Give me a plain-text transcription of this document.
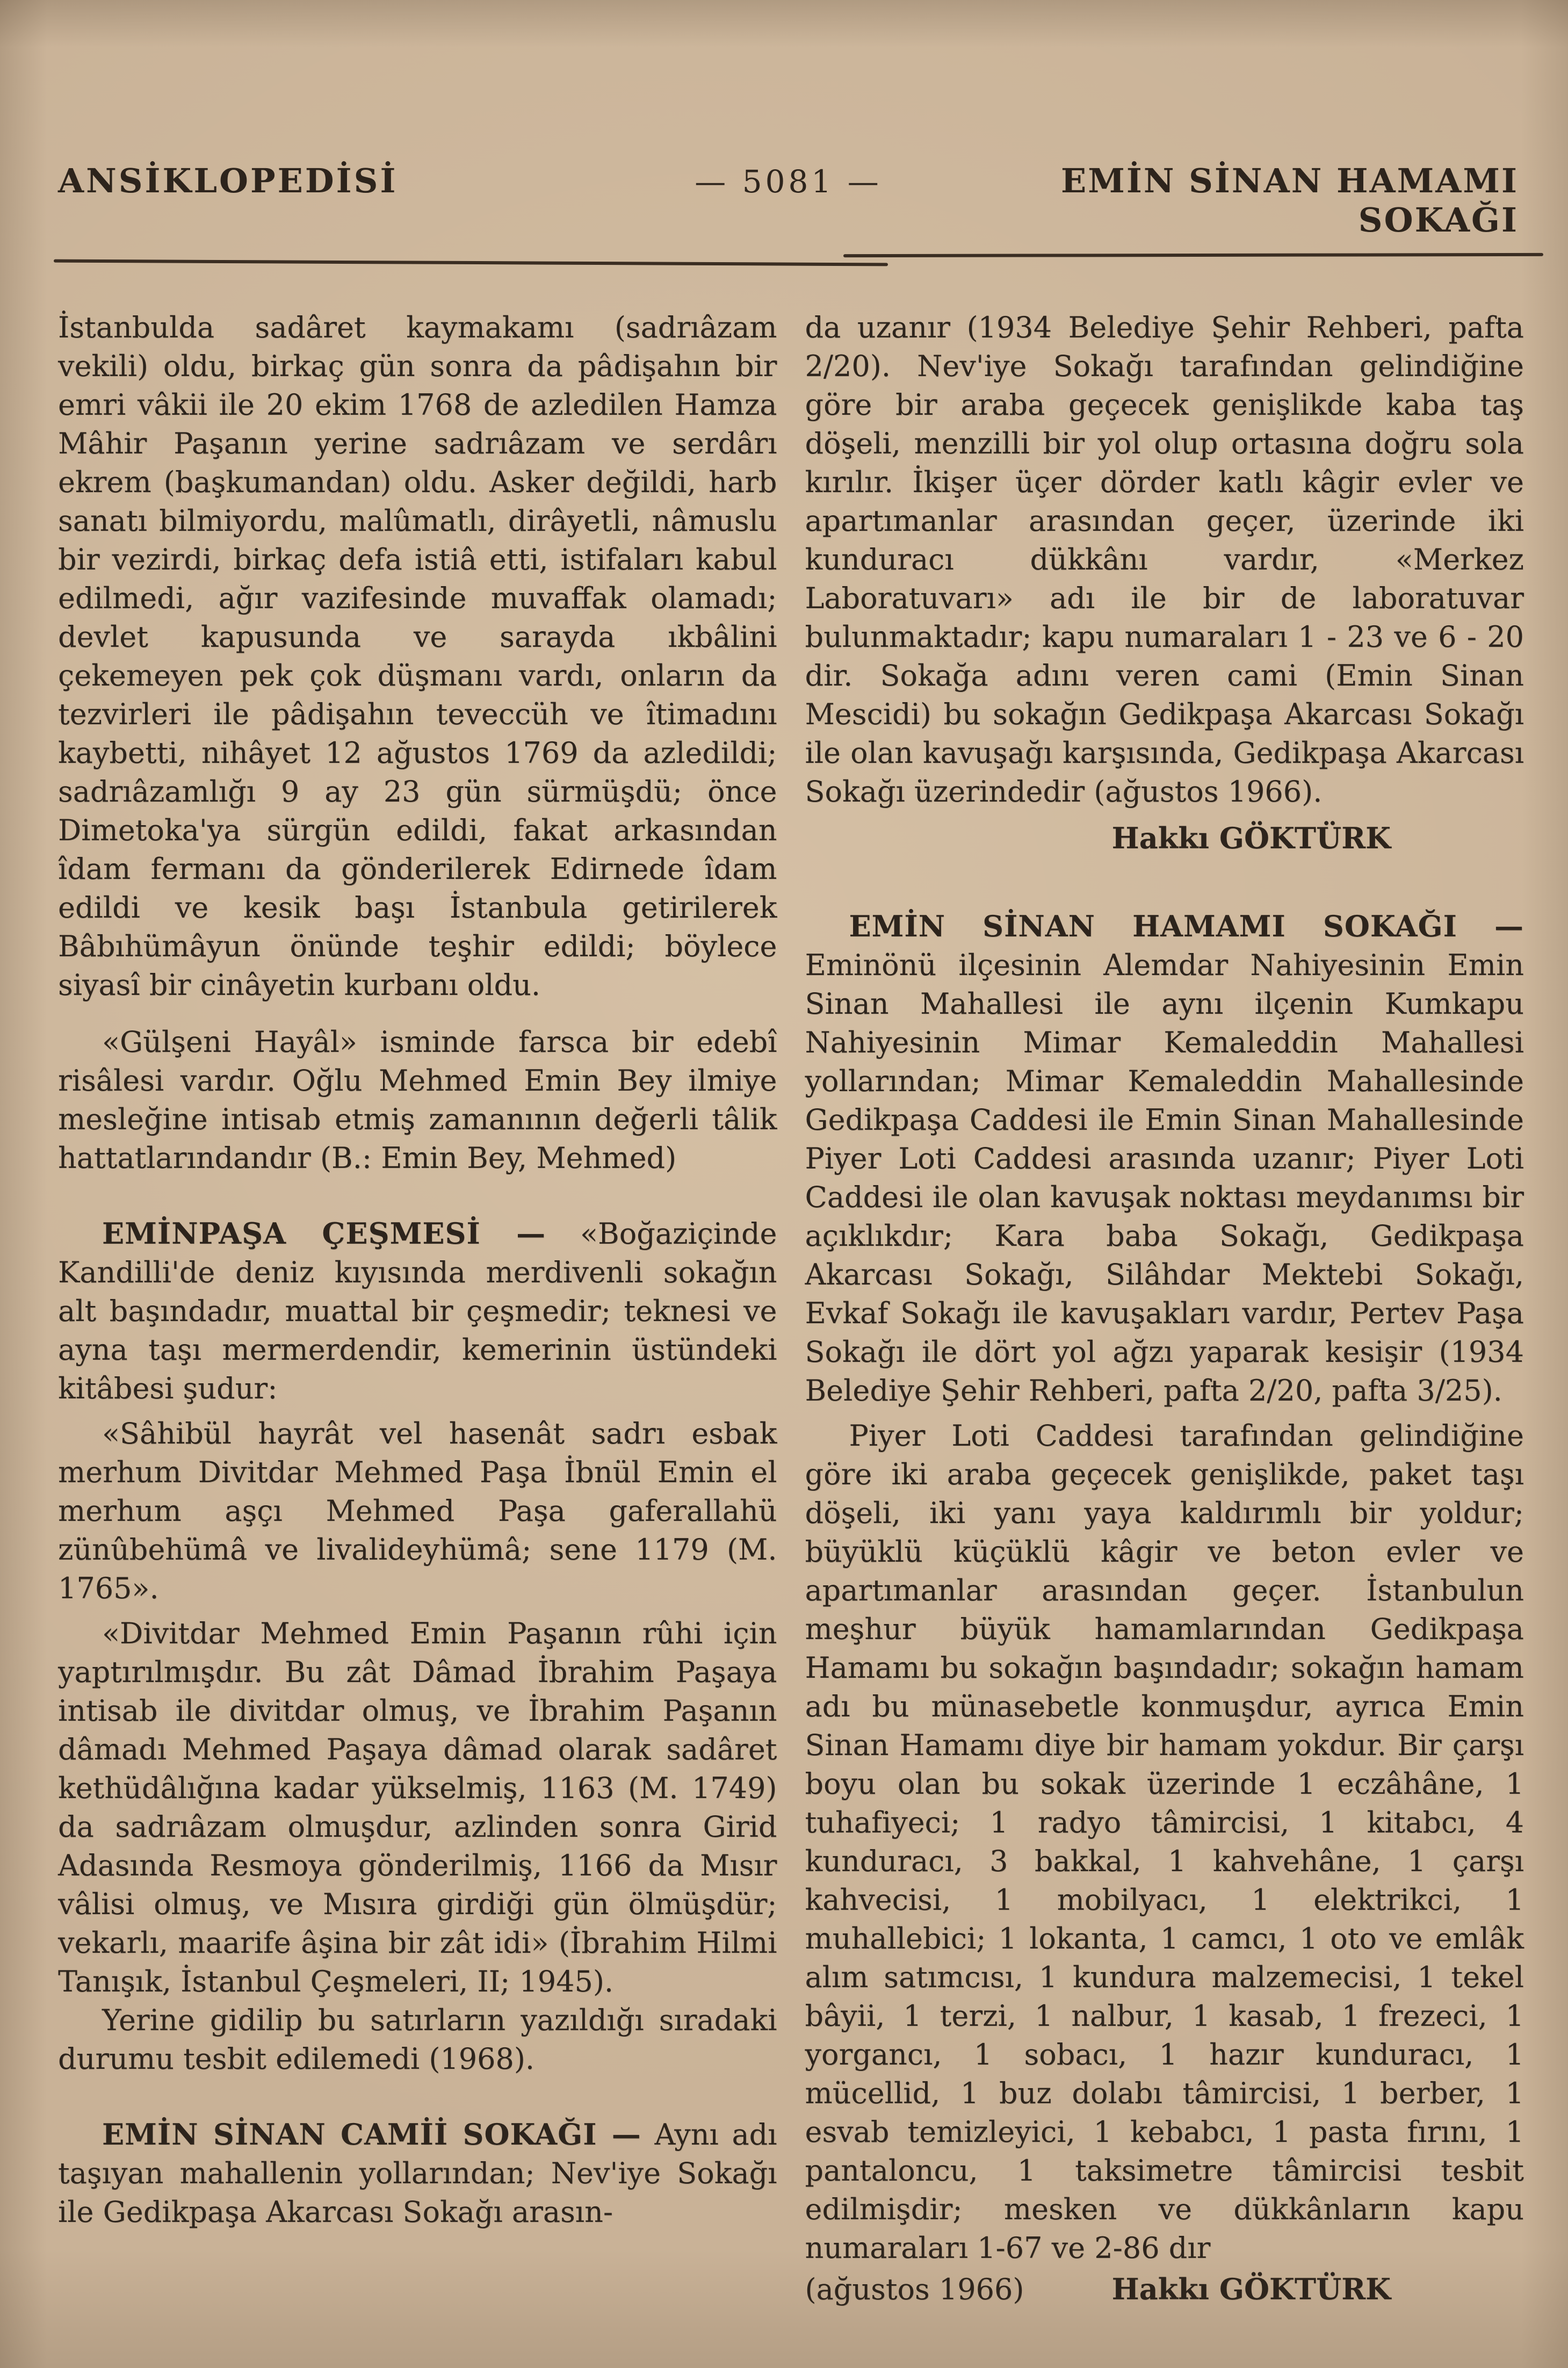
ANSİKLOPEDİSİ	— 5081 —	EMİN SİNAN HAMAMI SOKAĞI

İstanbulda sadâret kaymakamı (sadrıâzam vekili) oldu, birkaç gün sonra da pâdişahın bir emri vâkii ile 20 ekim 1768 de azledilen Hamza Mâhir Paşanın yerine sadrıâzam ve serdârı ekrem (başkumandan) oldu. Asker değildi, harb sanatı bilmiyordu, malûmatlı, dirâyetli, nâmuslu bir vezirdi, birkaç defa istiâ etti, istifaları kabul edilmedi, ağır vazifesinde muvaffak olamadı; devlet kapusunda ve sarayda ıkbâlini çekemeyen pek çok düşmanı vardı, onların da tezvirleri ile pâdişahın teveccüh ve îtimadını kaybetti, nihâyet 12 ağustos 1769 da azledildi; sadrıâzamlığı 9 ay 23 gün sürmüşdü; önce Dimetoka'ya sürgün edildi, fakat arkasından îdam fermanı da gönderilerek Edirnede îdam edildi ve kesik başı İstanbula getirilerek Bâbıhümâyun önünde teşhir edildi; böylece siyasî bir cinâyetin kurbanı oldu.

«Gülşeni Hayâl» isminde farsca bir edebî risâlesi vardır. Oğlu Mehmed Emin Bey ilmiye mesleğine intisab etmiş zamanının değerli tâlik hattatlarındandır (B.: Emin Bey, Mehmed)

EMİNPAŞA ÇEŞMESİ — «Boğaziçinde Kandilli'de deniz kıyısında merdivenli sokağın alt başındadır, muattal bir çeşmedir; teknesi ve ayna taşı mermerdendir, kemerinin üstündeki kitâbesi şudur:

«Sâhibül hayrât vel hasenât sadrı esbak merhum Divitdar Mehmed Paşa İbnül Emin el merhum aşçı Mehmed Paşa gaferallahü zünûbehümâ ve livalideyhümâ; sene 1179 (M. 1765».

«Divitdar Mehmed Emin Paşanın rûhi için yaptırılmışdır. Bu zât Dâmad İbrahim Paşaya intisab ile divitdar olmuş, ve İbrahim Paşanın dâmadı Mehmed Paşaya dâmad olarak sadâret kethüdâlığına kadar yükselmiş, 1163 (M. 1749) da sadrıâzam olmuşdur, azlinden sonra Girid Adasında Resmoya gönderilmiş, 1166 da Mısır vâlisi olmuş, ve Mısıra girdiği gün ölmüşdür; vekarlı, maarife âşina bir zât idi» (İbrahim Hilmi Tanışık, İstanbul Çeşmeleri, II; 1945).

Yerine gidilip bu satırların yazıldığı sıradaki durumu tesbit edilemedi (1968).

EMİN SİNAN CAMİİ SOKAĞI — Aynı adı taşıyan mahallenin yollarından; Nev'iye Sokağı ile Gedikpaşa Akarcası Sokağı arasın-

da uzanır (1934 Belediye Şehir Rehberi, pafta 2/20). Nev'iye Sokağı tarafından gelindiğine göre bir araba geçecek genişlikde kaba taş döşeli, menzilli bir yol olup ortasına doğru sola kırılır. İkişer üçer dörder katlı kâgir evler ve apartımanlar arasından geçer, üzerinde iki kunduracı dükkânı vardır, «Merkez Laboratuvarı» adı ile bir de laboratuvar bulunmaktadır; kapu numaraları 1 - 23 ve 6 - 20 dir. Sokağa adını veren cami (Emin Sinan Mescidi) bu sokağın Gedikpaşa Akarcası Sokağı ile olan kavuşağı karşısında, Gedikpaşa Akarcası Sokağı üzerindedir (ağustos 1966).

Hakkı GÖKTÜRK

EMİN SİNAN HAMAMI SOKAĞI — Eminönü ilçesinin Alemdar Nahiyesinin Emin Sinan Mahallesi ile aynı ilçenin Kumkapu Nahiyesinin Mimar Kemaleddin Mahallesi yollarından; Mimar Kemaleddin Mahallesinde Gedikpaşa Caddesi ile Emin Sinan Mahallesinde Piyer Loti Caddesi arasında uzanır; Piyer Loti Caddesi ile olan kavuşak noktası meydanımsı bir açıklıkdır; Kara baba Sokağı, Gedikpaşa Akarcası Sokağı, Silâhdar Mektebi Sokağı, Evkaf Sokağı ile kavuşakları vardır, Pertev Paşa Sokağı ile dört yol ağzı yaparak kesişir (1934 Belediye Şehir Rehberi, pafta 2/20, pafta 3/25).

Piyer Loti Caddesi tarafından gelindiğine göre iki araba geçecek genişlikde, paket taşı döşeli, iki yanı yaya kaldırımlı bir yoldur; büyüklü küçüklü kâgir ve beton evler ve apartımanlar arasından geçer. İstanbulun meşhur büyük hamamlarından Gedikpaşa Hamamı bu sokağın başındadır; sokağın hamam adı bu münasebetle konmuşdur, ayrıca Emin Sinan Hamamı diye bir hamam yokdur. Bir çarşı boyu olan bu sokak üzerinde 1 eczâhâne, 1 tuhafiyeci; 1 radyo tâmircisi, 1 kitabcı, 4 kunduracı, 3 bakkal, 1 kahvehâne, 1 çarşı kahvecisi, 1 mobilyacı, 1 elektrikci, 1 muhallebici; 1 lokanta, 1 camcı, 1 oto ve emlâk alım satımcısı, 1 kundura malzemecisi, 1 tekel bâyii, 1 terzi, 1 nalbur, 1 kasab, 1 frezeci, 1 yorgancı, 1 sobacı, 1 hazır kunduracı, 1 mücellid, 1 buz dolabı tâmircisi, 1 berber, 1 esvab temizleyici, 1 kebabcı, 1 pasta fırını, 1 pantaloncu, 1 taksimetre tâmircisi tesbit edilmişdir; mesken ve dükkânların kapu numaraları 1-67 ve 2-86 dır

(ağustos 1966)	Hakkı GÖKTÜRK
